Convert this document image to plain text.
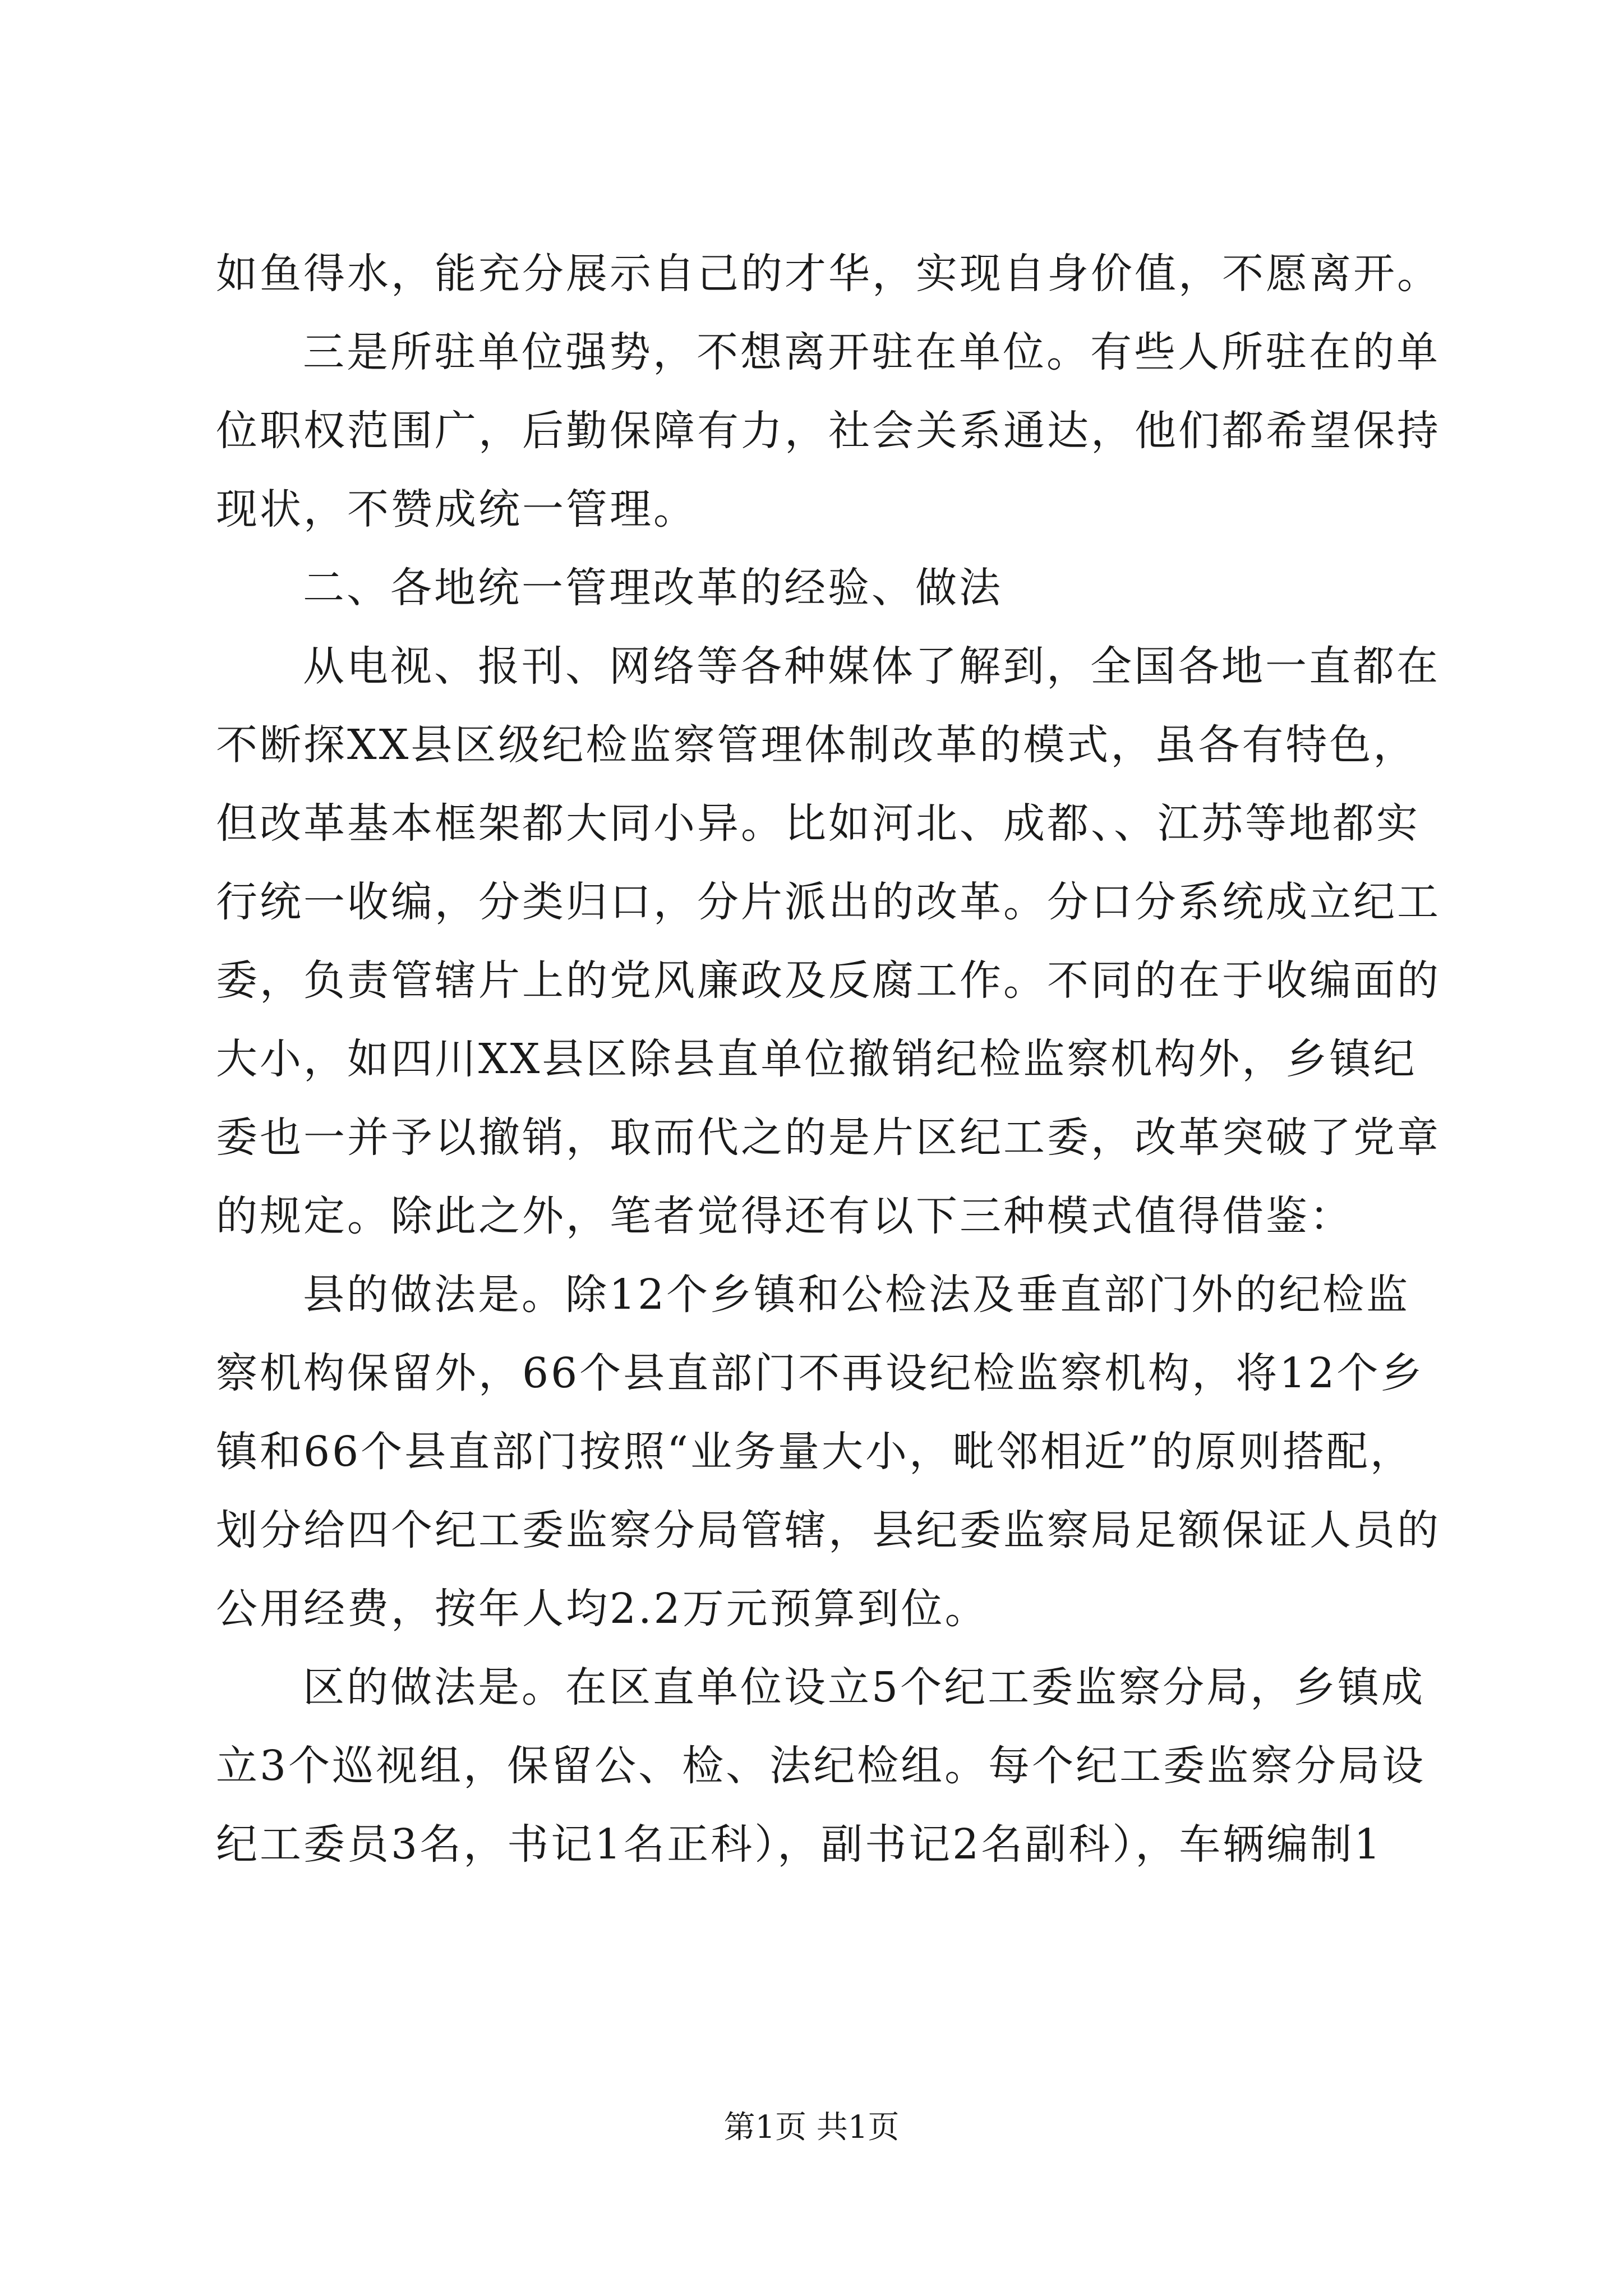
如鱼得水，能充分展示自己的才华，实现自身价值，不愿离开。
三是所驻单位强势，不想离开驻在单位。有些人所驻在的单
位职权范围广，后勤保障有力，社会关系通达，他们都希望保持
现状，不赞成统一管理。
二、各地统一管理改革的经验、做法
从电视、报刊、网络等各种媒体了解到，全国各地一直都在
不断探XX县区级纪检监察管理体制改革的模式，虽各有特色，
但改革基本框架都大同小异。比如河北、成都、、江苏等地都实
行统一收编，分类归口，分片派出的改革。分口分系统成立纪工
委，负责管辖片上的党风廉政及反腐工作。不同的在于收编面的
大小，如四川XX县区除县直单位撤销纪检监察机构外，乡镇纪
委也一并予以撤销，取而代之的是片区纪工委，改革突破了党章
的规定。除此之外，笔者觉得还有以下三种模式值得借鉴：
县的做法是。除12个乡镇和公检法及垂直部门外的纪检监
察机构保留外，66个县直部门不再设纪检监察机构，将12个乡
镇和66个县直部门按照“业务量大小，毗邻相近”的原则搭配，
划分给四个纪工委监察分局管辖，县纪委监察局足额保证人员的
公用经费，按年人均2.2万元预算到位。
区的做法是。在区直单位设立5个纪工委监察分局，乡镇成
立3个巡视组，保留公、检、法纪检组。每个纪工委监察分局设
纪工委员3名，书记1名正科），副书记2名副科），车辆编制1
第1页 共1页
